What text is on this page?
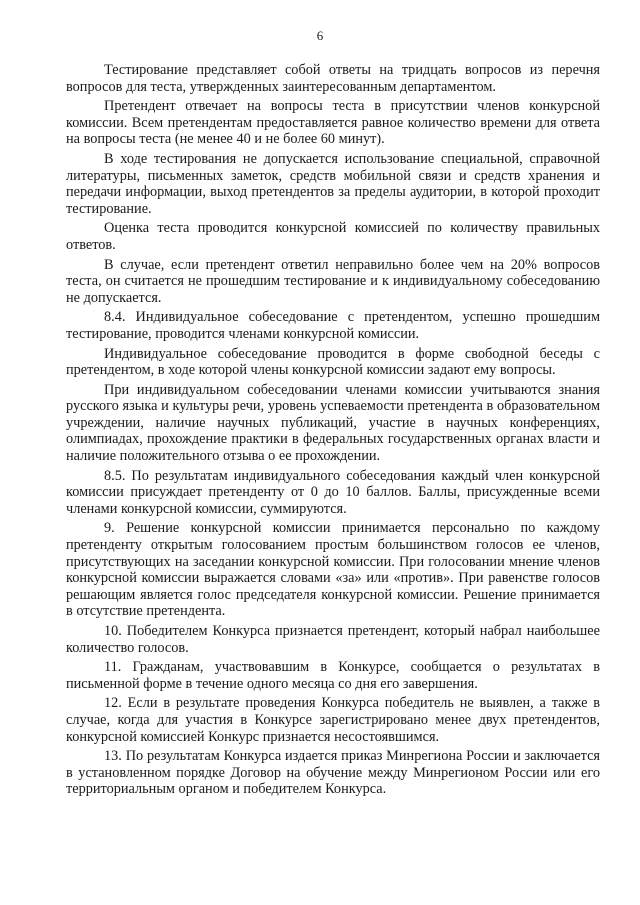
6

Тестирование представляет собой ответы на тридцать вопросов из перечня вопросов для теста, утвержденных заинтересованным департаментом.

Претендент отвечает на вопросы теста в присутствии членов конкурсной комиссии. Всем претендентам предоставляется равное количество времени для ответа на вопросы теста (не менее 40 и не более 60 минут).

В ходе тестирования не допускается использование специальной, справочной литературы, письменных заметок, средств мобильной связи и средств хранения и передачи информации, выход претендентов за пределы аудитории, в которой проходит тестирование.

Оценка теста проводится конкурсной комиссией по количеству правильных ответов.

В случае, если претендент ответил неправильно более чем на 20% вопросов теста, он считается не прошедшим тестирование и к индивидуальному собеседованию не допускается.

8.4. Индивидуальное собеседование с претендентом, успешно прошедшим тестирование, проводится членами конкурсной комиссии.

Индивидуальное собеседование проводится в форме свободной беседы с претендентом, в ходе которой члены конкурсной комиссии задают ему вопросы.

При индивидуальном собеседовании членами комиссии учитываются знания русского языка и культуры речи, уровень успеваемости претендента в образовательном учреждении, наличие научных публикаций, участие в научных конференциях, олимпиадах, прохождение практики в федеральных государственных органах власти и наличие положительного отзыва о ее прохождении.

8.5. По результатам индивидуального собеседования каждый член конкурсной комиссии присуждает претенденту от 0 до 10 баллов. Баллы, присужденные всеми членами конкурсной комиссии, суммируются.

9. Решение конкурсной комиссии принимается персонально по каждому претенденту открытым голосованием простым большинством голосов ее членов, присутствующих на заседании конкурсной комиссии. При голосовании мнение членов конкурсной комиссии выражается словами «за» или «против». При равенстве голосов решающим является голос председателя конкурсной комиссии. Решение принимается в отсутствие претендента.

10. Победителем Конкурса признается претендент, который набрал наибольшее количество голосов.

11. Гражданам, участвовавшим в Конкурсе, сообщается о результатах в письменной форме в течение одного месяца со дня его завершения.

12. Если в результате проведения Конкурса победитель не выявлен, а также в случае, когда для участия в Конкурсе зарегистрировано менее двух претендентов, конкурсной комиссией Конкурс признается несостоявшимся.

13. По результатам Конкурса издается приказ Минрегиона России и заключается в установленном порядке Договор на обучение между Минрегионом России или его территориальным органом и победителем Конкурса.
